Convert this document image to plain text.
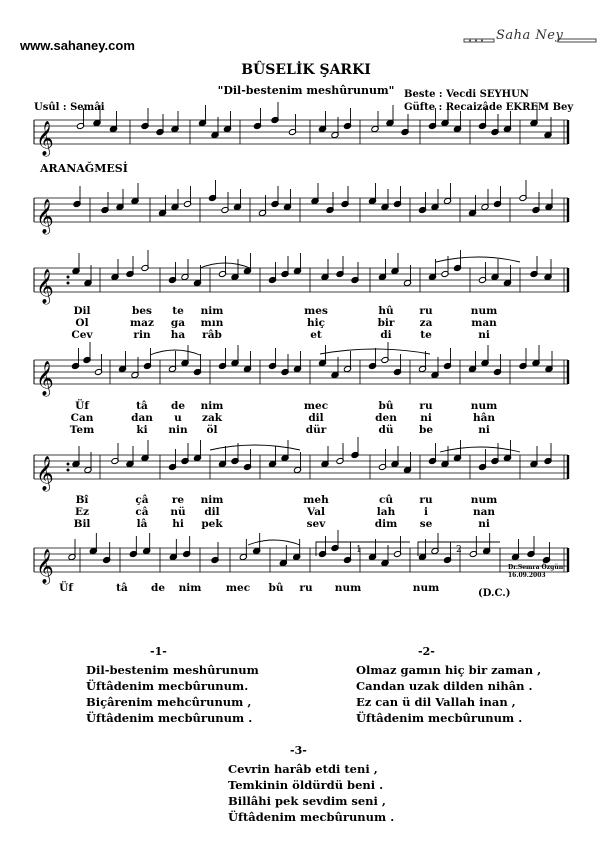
www.sahaney.com
Saha Ney
BÛSELİK ŞARKI
"Dil-bestenim meshûrunum"
Usûl : Semâi
Beste : Vecdi SEYHUN
Güfte : Recaizâde EKREM Bey
ARANAĞMESİ
𝄞
𝄞
𝄞
𝄞
𝄞
𝄞	1	2
Dil	bes te nim	mes	hû ru	num
Ol	maz ga mın	hiç	bir za	man
Cev	rin ha râb	et	di	te	ni
Üf	tâ de nim	mec	bû ru	num
Can	dan u zak	dil	den ni	hân
Tem	ki nin öl	dür	dü be	ni
Bî	çâ re nim	meh	cû	ru	num
Ez	câ nü dil	Val	lah	i	nan
Bil	lâ hi pek	sev	dim se	ni
Üf	tâ de nim mec bû ru num	num
Dr.Semra Özgün
16.09.2003
(D.C.)
-1-
Dil-bestenim meshûrunum
Üftâdenim mecbûrunum.
Biçârenim mehcûrunum ,
Üftâdenim mecbûrunum .
-2-
Olmaz gamın hiç bir zaman ,
Candan uzak dilden nihân .
Ez can ü dil Vallah inan ,
Üftâdenim mecbûrunum .
-3-
Cevrin harâb etdi teni ,
Temkinin öldürdü beni .
Billâhi pek sevdim seni ,
Üftâdenim mecbûrunum .
